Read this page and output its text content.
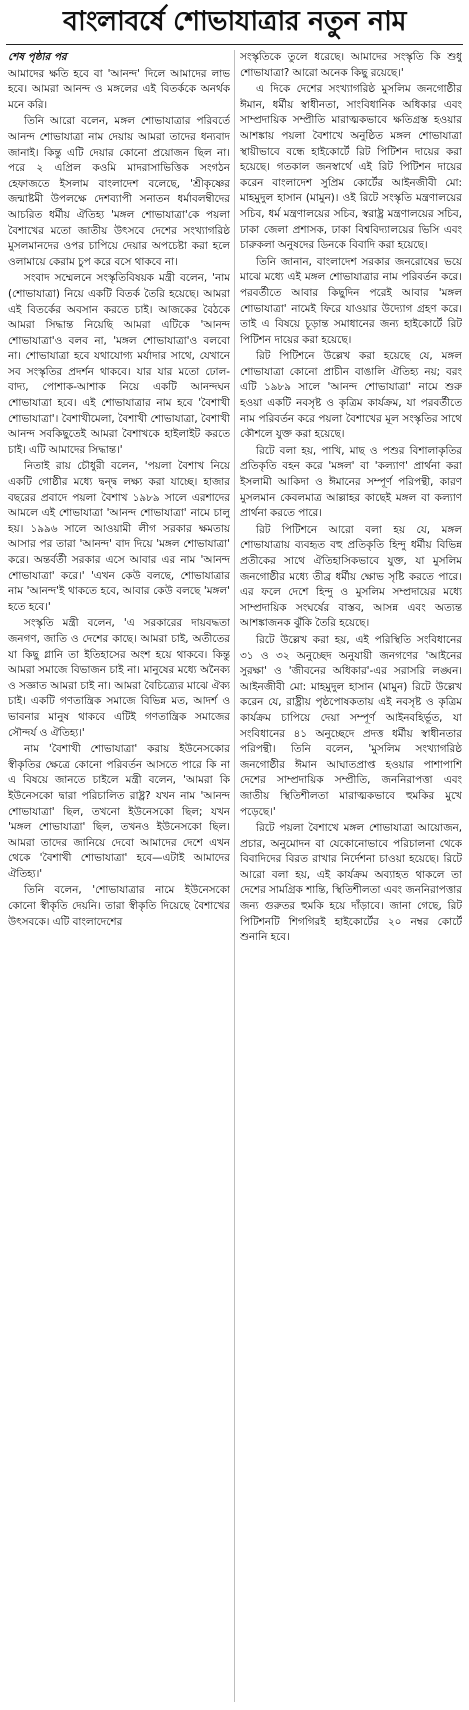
বাংলাবর্ষে শোভাযাত্রার নতুন নাম
শেষ পৃষ্ঠার পর

আমাদের ক্ষতি হবে বা 'আনন্দ' দিলে আমাদের লাভ হবে। আমরা আনন্দ ও মঙ্গলের এই বিতর্ককে অনর্থক মনে করি।

তিনি আরো বলেন, মঙ্গল শোভাযাত্রার পরিবর্তে আনন্দ শোভাযাত্রা নাম দেয়ায় আমরা তাদের ধন্যবাদ জানাই। কিন্তু এটি দেয়ার কোনো প্রয়োজন ছিল না। পরে ২ এপ্রিল কওমি মাদরাসাভিত্তিক সংগঠন হেফাজতে ইসলাম বাংলাদেশ বলেছে, 'শ্রীকৃষ্ণের জন্মাষ্টমী উপলক্ষে দেশব্যাপী সনাতন ধর্মাবলম্বীদের আচরিত ধর্মীয় ঐতিহ্য 'মঙ্গল শোভাযাত্রা'কে পয়লা বৈশাখের মতো জাতীয় উৎসবে দেশের সংখ্যাগরিষ্ঠ মুসলমানদের ওপর চাপিয়ে দেয়ার অপচেষ্টা করা হলে ওলামায়ে কেরাম চুপ করে বসে থাকবে না।

সংবাদ সম্মেলনে সংস্কৃতিবিষয়ক মন্ত্রী বলেন, 'নাম (শোভাযাত্রা) নিয়ে একটি বিতর্ক তৈরি হয়েছে। আমরা এই বিতর্কের অবসান করতে চাই। আজকের বৈঠকে আমরা সিদ্ধান্ত নিয়েছি আমরা এটিকে 'আনন্দ শোভাযাত্রা'ও বলব না, 'মঙ্গল শোভাযাত্রা'ও বলবো না। শোভাযাত্রা হবে যথাযোগ্য মর্যাদার সাথে, যেখানে সব সংস্কৃতির প্রদর্শন থাকবে। যার যার মতো ঢোল-বাদ্য, পোশাক-আশাক নিয়ে একটি আনন্দঘন শোভাযাত্রা হবে। এই শোভাযাত্রার নাম হবে 'বৈশাখী শোভাযাত্রা'। বৈশাখীমেলা, বৈশাখী শোভাযাত্রা, বৈশাখী আনন্দ সবকিছুতেই আমরা বৈশাখকে হাইলাইট করতে চাই। এটি আমাদের সিদ্ধান্ত।'

নিতাই রায় চৌধুরী বলেন, 'পয়লা বৈশাখ নিয়ে একটি গোষ্ঠীর মধ্যে দ্বন্দ্ব লক্ষ্য করা যাচ্ছে। হাজার বছরের প্রবাদে পয়লা বৈশাখ ১৯৮৯ সালে এরশাদের আমলে এই শোভাযাত্রা 'আনন্দ শোভাযাত্রা' নামে চালু হয়। ১৯৯৬ সালে আওয়ামী লীগ সরকার ক্ষমতায় আসার পর তারা 'আনন্দ' বাদ দিয়ে 'মঙ্গল শোভাযাত্রা' করে। অন্তর্বর্তী সরকার এসে আবার এর নাম 'আনন্দ শোভাযাত্রা' করে।' 'এখন কেউ বলছে, শোভাযাত্রার নাম 'আনন্দ'ই থাকতে হবে, আবার কেউ বলছে 'মঙ্গল' হতে হবে।'

সংস্কৃতি মন্ত্রী বলেন, 'এ সরকারের দায়বদ্ধতা জনগণ, জাতি ও দেশের কাছে। আমরা চাই, অতীতের যা কিছু গ্লানি তা ইতিহাসের অংশ হয়ে থাকবে। কিন্তু আমরা সমাজে বিভাজন চাই না। মানুষের মধ্যে অনৈক্য ও সজ্ঞাত আমরা চাই না। আমরা বৈচিত্র্যের মাঝে ঐক্য চাই। একটি গণতান্ত্রিক সমাজে বিভিন্ন মত, আদর্শ ও ভাবনার মানুষ থাকবে এটিই গণতান্ত্রিক সমাজের সৌন্দর্য ও ঐতিহ্য।'

নাম 'বৈশাখী শোভাযাত্রা' করায় ইউনেসকোর স্বীকৃতির ক্ষেত্রে কোনো পরিবর্তন আসতে পারে কি না এ বিষয়ে জানতে চাইলে মন্ত্রী বলেন, 'আমরা কি ইউনেসকো দ্বারা পরিচালিত রাষ্ট্র? যখন নাম 'আনন্দ শোভাযাত্রা' ছিল, তখনো ইউনেসকো ছিল; যখন 'মঙ্গল শোভাযাত্রা' ছিল, তখনও ইউনেসকো ছিল। আমরা তাদের জানিয়ে দেবো আমাদের দেশে এখন থেকে 'বৈশাখী শোভাযাত্রা' হবে—এটাই আমাদের ঐতিহ্য।'

তিনি বলেন, 'শোভাযাত্রার নামে ইউনেসকো কোনো স্বীকৃতি দেয়নি। তারা স্বীকৃতি দিয়েছে বৈশাখের উৎসবকে। এটি বাংলাদেশের

সংস্কৃতিকে তুলে ধরেছে। আমাদের সংস্কৃতি কি শুধু শোভাযাত্রা? আরো অনেক কিছু রয়েছে।'

এ দিকে দেশের সংখ্যাগরিষ্ঠ মুসলিম জনগোষ্ঠীর ঈমান, ধর্মীয় স্বাধীনতা, সাংবিধানিক অধিকার এবং সাম্প্রদায়িক সম্প্রীতি মারাত্মকভাবে ক্ষতিগ্রস্ত হওয়ার আশঙ্কায় পয়লা বৈশাখে অনুষ্ঠিত মঙ্গল শোভাযাত্রা স্থায়ীভাবে বন্ধে হাইকোর্টে রিট পিটিশন দায়ের করা হয়েছে। গতকাল জনস্বার্থে এই রিট পিটিশন দায়ের করেন বাংলাদেশ সুপ্রিম কোর্টের আইনজীবী মো: মাহমুদুল হাসান (মামুন)। ওই রিটে সংস্কৃতি মন্ত্রণালয়ের সচিব, ধর্ম মন্ত্রণালয়ের সচিব, স্বরাষ্ট্র মন্ত্রণালয়ের সচিব, ঢাকা জেলা প্রশাসক, ঢাকা বিশ্ববিদ্যালয়ের ভিসি এবং চারুকলা অনুষদের ডিনকে বিবাদি করা হয়েছে।

তিনি জানান, বাংলাদেশ সরকার জনরোষের ভয়ে মাঝে মধ্যে এই মঙ্গল শোভাযাত্রার নাম পরিবর্তন করে। পরবর্তীতে আবার কিছুদিন পরেই আবার 'মঙ্গল শোভাযাত্রা' নামেই ফিরে যাওয়ার উদ্যোগ গ্রহণ করে। তাই এ বিষয়ে চূড়ান্ত সমাধানের জন্য হাইকোর্টে রিট পিটিশন দায়ের করা হয়েছে।

রিট পিটিশনে উল্লেখ করা হয়েছে যে, মঙ্গল শোভাযাত্রা কোনো প্রাচীন বাঙালি ঐতিহ্য নয়; বরং এটি ১৯৮৯ সালে 'আনন্দ শোভাযাত্রা' নামে শুরু হওয়া একটি নবসৃষ্ট ও কৃত্রিম কার্যক্রম, যা পরবর্তীতে নাম পরিবর্তন করে পয়লা বৈশাখের মূল সংস্কৃতির সাথে কৌশলে যুক্ত করা হয়েছে।

রিটে বলা হয়, পাখি, মাছ ও পশুর বিশালাকৃতির প্রতিকৃতি বহন করে 'মঙ্গল' বা 'কল্যাণ' প্রার্থনা করা ইসলামী আকিদা ও ঈমানের সম্পূর্ণ পরিপন্থী, কারণ মুসলমান কেবলমাত্র আল্লাহর কাছেই মঙ্গল বা কল্যাণ প্রার্থনা করতে পারে।

রিট পিটিশনে আরো বলা হয় যে, মঙ্গল শোভাযাত্রায় ব্যবহৃত বহু প্রতিকৃতি হিন্দু ধর্মীয় বিভিন্ন প্রতীকের সাথে ঐতিহাসিকভাবে যুক্ত, যা মুসলিম জনগোষ্ঠীর মধ্যে তীব্র ধর্মীয় ক্ষোভ সৃষ্টি করতে পারে। এর ফলে দেশে হিন্দু ও মুসলিম সম্প্রদায়ের মধ্যে সাম্প্রদায়িক সংঘর্ষের বাস্তব, আসন্ন এবং অত্যন্ত আশঙ্কাজনক ঝুঁকি তৈরি হয়েছে।

রিটে উল্লেখ করা হয়, এই পরিস্থিতি সংবিধানের ৩১ ও ৩২ অনুচ্ছেদ অনুযায়ী জনগণের 'আইনের সুরক্ষা' ও 'জীবনের অধিকার'-এর সরাসরি লঙ্ঘন। আইনজীবী মো: মাহমুদুল হাসান (মামুন) রিটে উল্লেখ করেন যে, রাষ্ট্রীয় পৃষ্ঠপোষকতায় এই নবসৃষ্ট ও কৃত্রিম কার্যক্রম চাপিয়ে দেয়া সম্পূর্ণ আইনবহির্ভূত, যা সংবিধানের ৪১ অনুচ্ছেদে প্রদত্ত ধর্মীয় স্বাধীনতার পরিপন্থী। তিনি বলেন, 'মুসলিম সংখ্যাগরিষ্ঠ জনগোষ্ঠীর ঈমান আঘাতপ্রাপ্ত হওয়ার পাশাপাশি দেশের সাম্প্রদায়িক সম্প্রীতি, জননিরাপত্তা এবং জাতীয় স্থিতিশীলতা মারাত্মকভাবে হুমকির মুখে পড়েছে।'

রিটে পয়লা বৈশাখে মঙ্গল শোভাযাত্রা আয়োজন, প্রচার, অনুমোদন বা যেকোনোভাবে পরিচালনা থেকে বিবাদিদের বিরত রাখার নির্দেশনা চাওয়া হয়েছে। রিটে আরো বলা হয়, এই কার্যক্রম অব্যাহত থাকলে তা দেশের সামগ্রিক শান্তি, স্থিতিশীলতা এবং জননিরাপত্তার জন্য গুরুতর হুমকি হয়ে দাঁড়াবে। জানা গেছে, রিট পিটিশনটি শিগগিরই হাইকোর্টের ২০ নম্বর কোর্টে শুনানি হবে।
